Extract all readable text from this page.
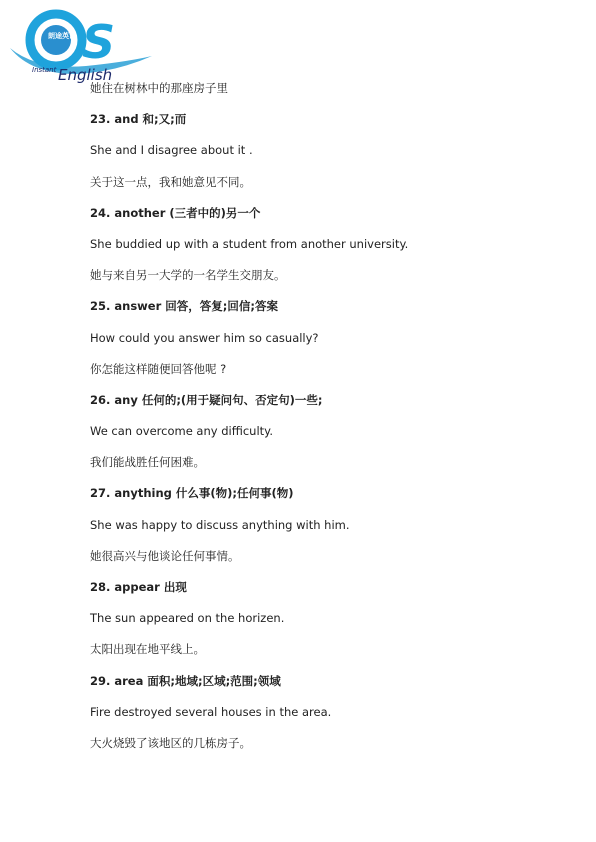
S
朗途英语
Instant English
她住在树林中的那座房子里
23. and 和;又;而
She and I disagree about it .
关于这一点，我和她意见不同。
24. another (三者中的)另一个
She buddied up with a student from another university.
她与来自另一大学的一名学生交朋友。
25. answer 回答，答复;回信;答案
How could you answer him so casually?
你怎能这样随便回答他呢 ?
26. any 任何的;(用于疑问句、否定句)一些;
We can overcome any difficulty.
我们能战胜任何困难。
27. anything 什么事(物);任何事(物)
She was happy to discuss anything with him.
她很高兴与他谈论任何事情。
28. appear 出现
The sun appeared on the horizen.
太阳出现在地平线上。
29. area 面积;地域;区域;范围;领域
Fire destroyed several houses in the area.
大火烧毁了该地区的几栋房子。
